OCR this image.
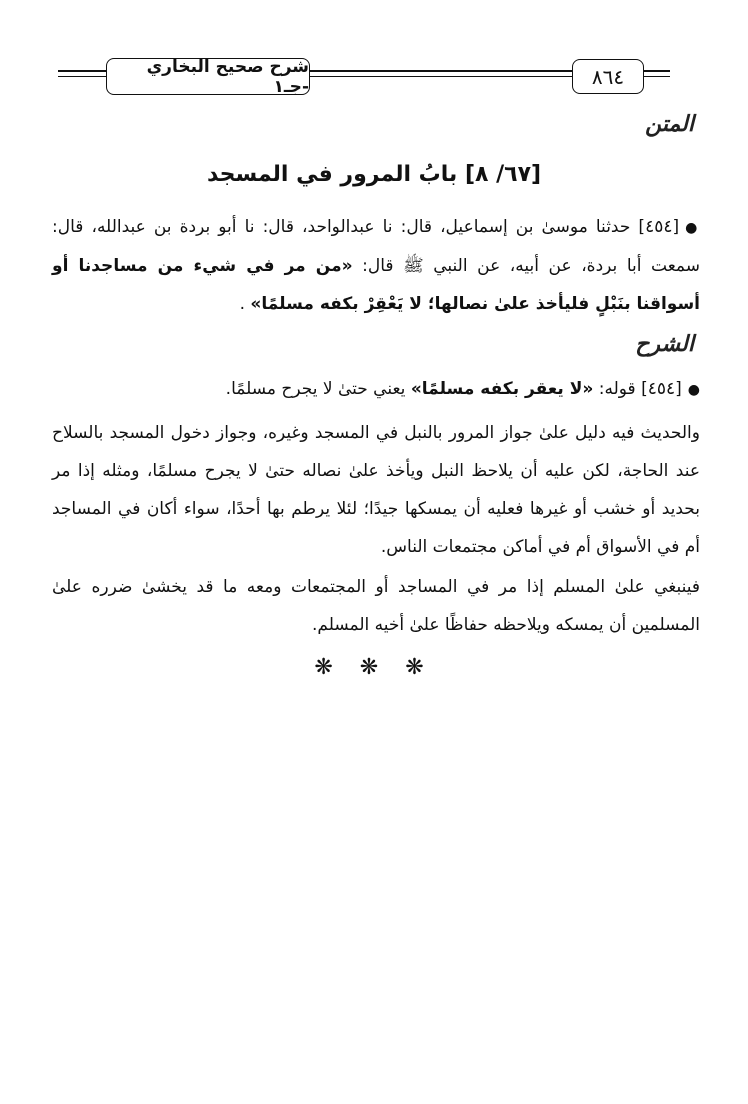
٨٦٤
شرح صحيح البخاري -جـ١
المتن
[٦٧/ ٨] بابُ المرور في المسجد
●[٤٥٤] حدثنا موسىٰ بن إسماعيل، قال: نا عبدالواحد، قال: نا أبو بردة بن عبدالله، قال: سمعت أبا بردة، عن أبيه، عن النبي ﷺ قال: «من مر في شيء من مساجدنا أو أسواقنا بنَبْلٍ فليأخذ علىٰ نصالها؛ لا يَعْقِرْ بكفه مسلمًا» .
الشرح
●[٤٥٤] قوله: «لا يعقر بكفه مسلمًا» يعني حتىٰ لا يجرح مسلمًا.
والحديث فيه دليل علىٰ جواز المرور بالنبل في المسجد وغيره، وجواز دخول المسجد بالسلاح عند الحاجة، لكن عليه أن يلاحظ النبل ويأخذ علىٰ نصاله حتىٰ لا يجرح مسلمًا، ومثله إذا مر بحديد أو خشب أو غيرها فعليه أن يمسكها جيدًا؛ لئلا يرطم بها أحدًا، سواء أكان في المساجد أم في الأسواق أم في أماكن مجتمعات الناس.
فينبغي علىٰ المسلم إذا مر في المساجد أو المجتمعات ومعه ما قد يخشىٰ ضرره علىٰ المسلمين أن يمسكه ويلاحظه حفاظًا علىٰ أخيه المسلم.
❋ ❋ ❋
